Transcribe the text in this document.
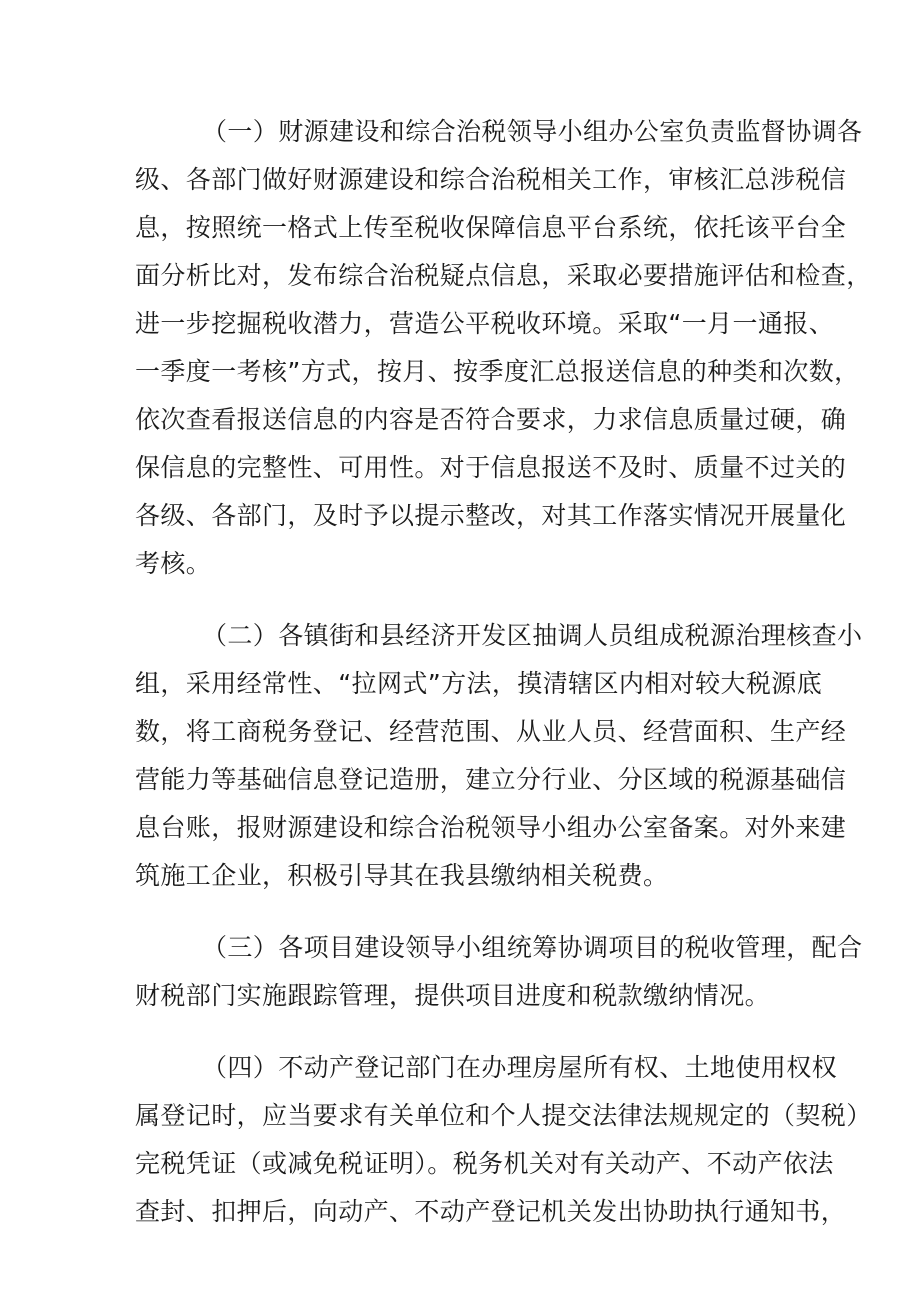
（一）财源建设和综合治税领导小组办公室负责监督协调各
级、各部门做好财源建设和综合治税相关工作，审核汇总涉税信
息，按照统一格式上传至税收保障信息平台系统，依托该平台全
面分析比对，发布综合治税疑点信息，采取必要措施评估和检查，
进一步挖掘税收潜力，营造公平税收环境。采取“一月一通报、
一季度一考核”方式，按月、按季度汇总报送信息的种类和次数，
依次查看报送信息的内容是否符合要求，力求信息质量过硬，确
保信息的完整性、可用性。对于信息报送不及时、质量不过关的
各级、各部门，及时予以提示整改，对其工作落实情况开展量化
考核。
（二）各镇街和县经济开发区抽调人员组成税源治理核查小
组，采用经常性、“拉网式”方法，摸清辖区内相对较大税源底
数，将工商税务登记、经营范围、从业人员、经营面积、生产经
营能力等基础信息登记造册，建立分行业、分区域的税源基础信
息台账，报财源建设和综合治税领导小组办公室备案。对外来建
筑施工企业，积极引导其在我县缴纳相关税费。
（三）各项目建设领导小组统筹协调项目的税收管理，配合
财税部门实施跟踪管理，提供项目进度和税款缴纳情况。
（四）不动产登记部门在办理房屋所有权、土地使用权权
属登记时，应当要求有关单位和个人提交法律法规规定的（契税）
完税凭证（或减免税证明）。税务机关对有关动产、不动产依法
查封、扣押后，向动产、不动产登记机关发出协助执行通知书，
